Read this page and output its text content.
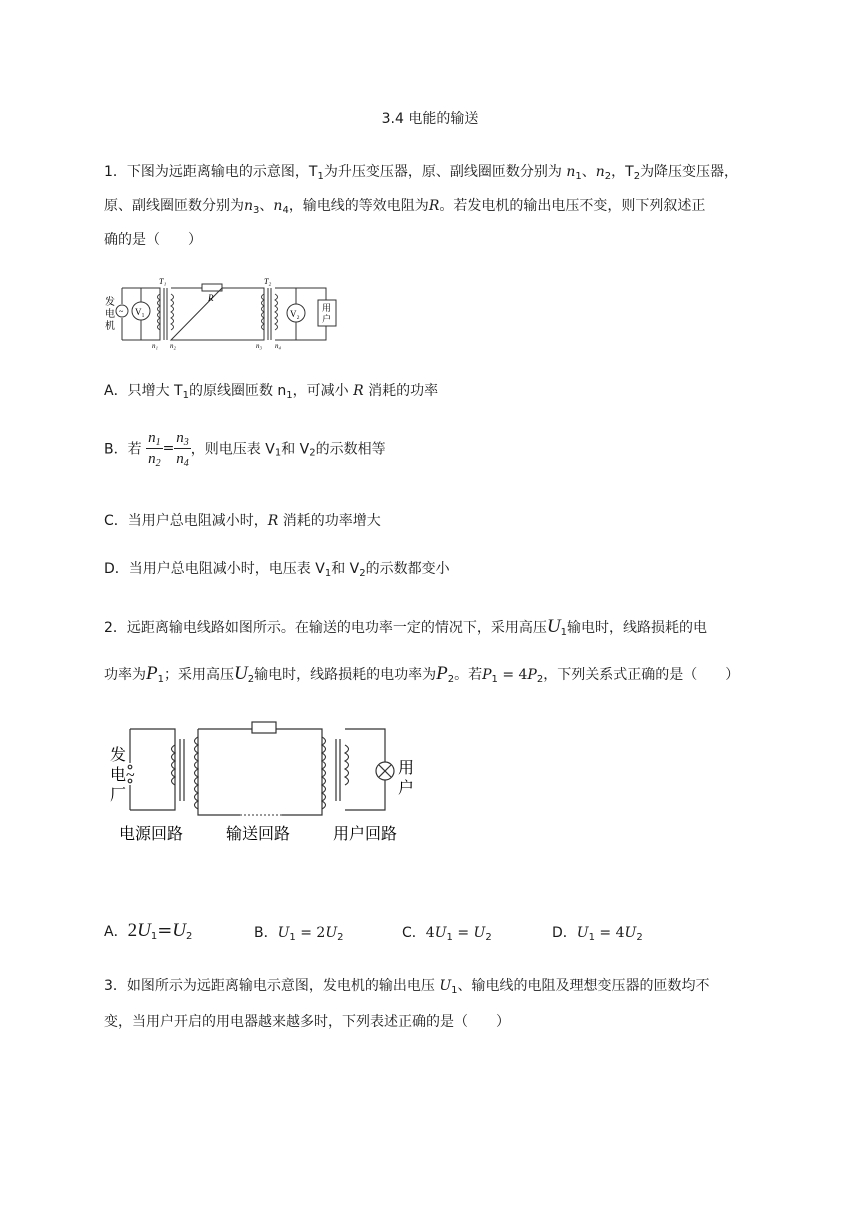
3.4 电能的输送
1．下图为远距离输电的示意图，$T_1$为升压变压器，原、副线圈匝数分别为 $n_1$、$n_2$，$T_2$为降压变压器，
原、副线圈匝数分别为$n_3$、$n_4$，输电线的等效电阻为R。若发电机的输出电压不变，则下列叙述正
确的是（　　）
发
电
机
~ V₁	V₂
T₁	T₂
R
用
户
n₁ n₂	n₃ n₄
A．只增大 $T_1$的原线圈匝数 $n_1$，可减小 R 消耗的功率
B．若 $\frac{n_1}{n_2} = \frac{n_3}{n_4}$ ，则电压表 $V_1$和 $V_2$的示数相等
C．当用户总电阻减小时，R 消耗的功率增大
D．当用户总电阻减小时，电压表 $V_1$和 $V_2$的示数都变小
2．远距离输电线路如图所示。在输送的电功率一定的情况下，采用高压$U_1$输电时，线路损耗的电
功率为$P_1$；采用高压$U_2$输电时，线路损耗的电功率为$P_2$。若$P_1 = 4P_2$，下列关系式正确的是（　　）
发
电~
厂
用
户
电源回路	输送回路	用户回路
A．$2U_1=U_2$	B．$U_1 = 2U_2$	C．$4U_1 = U_2$	D．$U_1 = 4U_2$
3．如图所示为远距离输电示意图，发电机的输出电压 $U_1$、输电线的电阻及理想变压器的匝数均不
变，当用户开启的用电器越来越多时，下列表述正确的是（　　）
